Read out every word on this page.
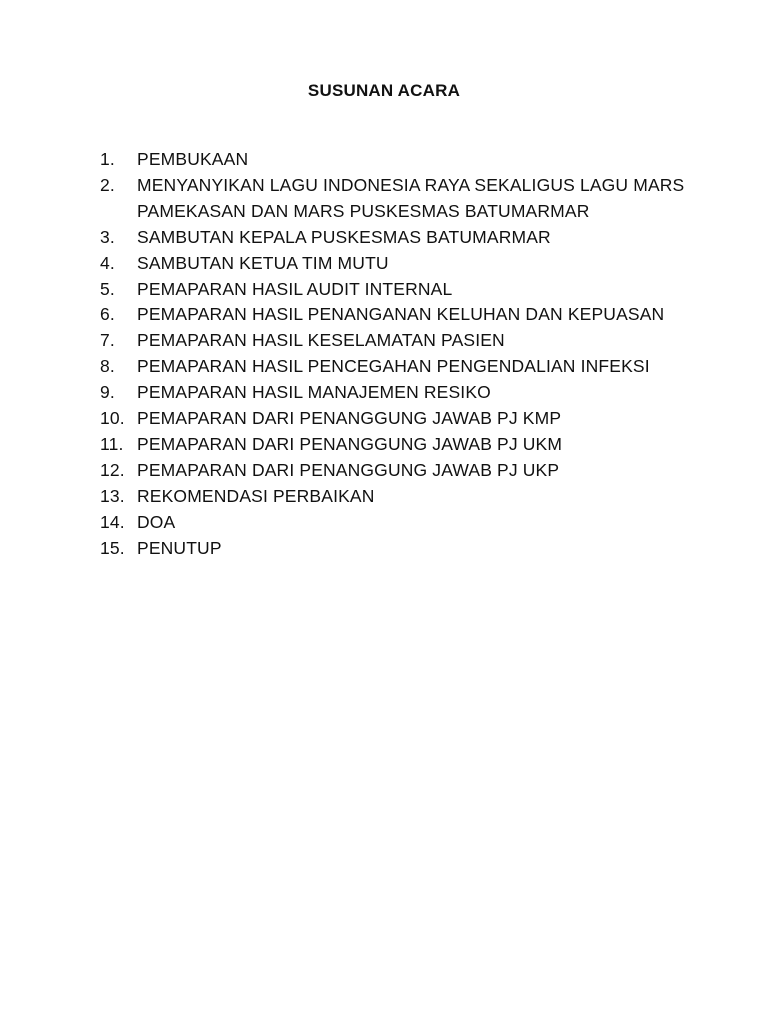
SUSUNAN ACARA
1.	PEMBUKAAN
2.	MENYANYIKAN LAGU INDONESIA RAYA SEKALIGUS LAGU MARS PAMEKASAN DAN MARS PUSKESMAS BATUMARMAR
3.	SAMBUTAN KEPALA PUSKESMAS BATUMARMAR
4.	SAMBUTAN KETUA TIM MUTU
5.	PEMAPARAN HASIL AUDIT INTERNAL
6.	PEMAPARAN HASIL PENANGANAN KELUHAN DAN KEPUASAN
7.	PEMAPARAN HASIL KESELAMATAN PASIEN
8.	PEMAPARAN HASIL PENCEGAHAN PENGENDALIAN INFEKSI
9.	PEMAPARAN HASIL MANAJEMEN RESIKO
10. PEMAPARAN DARI PENANGGUNG JAWAB PJ KMP
11. PEMAPARAN DARI PENANGGUNG JAWAB PJ UKM
12. PEMAPARAN DARI PENANGGUNG JAWAB PJ UKP
13. REKOMENDASI PERBAIKAN
14. DOA
15. PENUTUP
